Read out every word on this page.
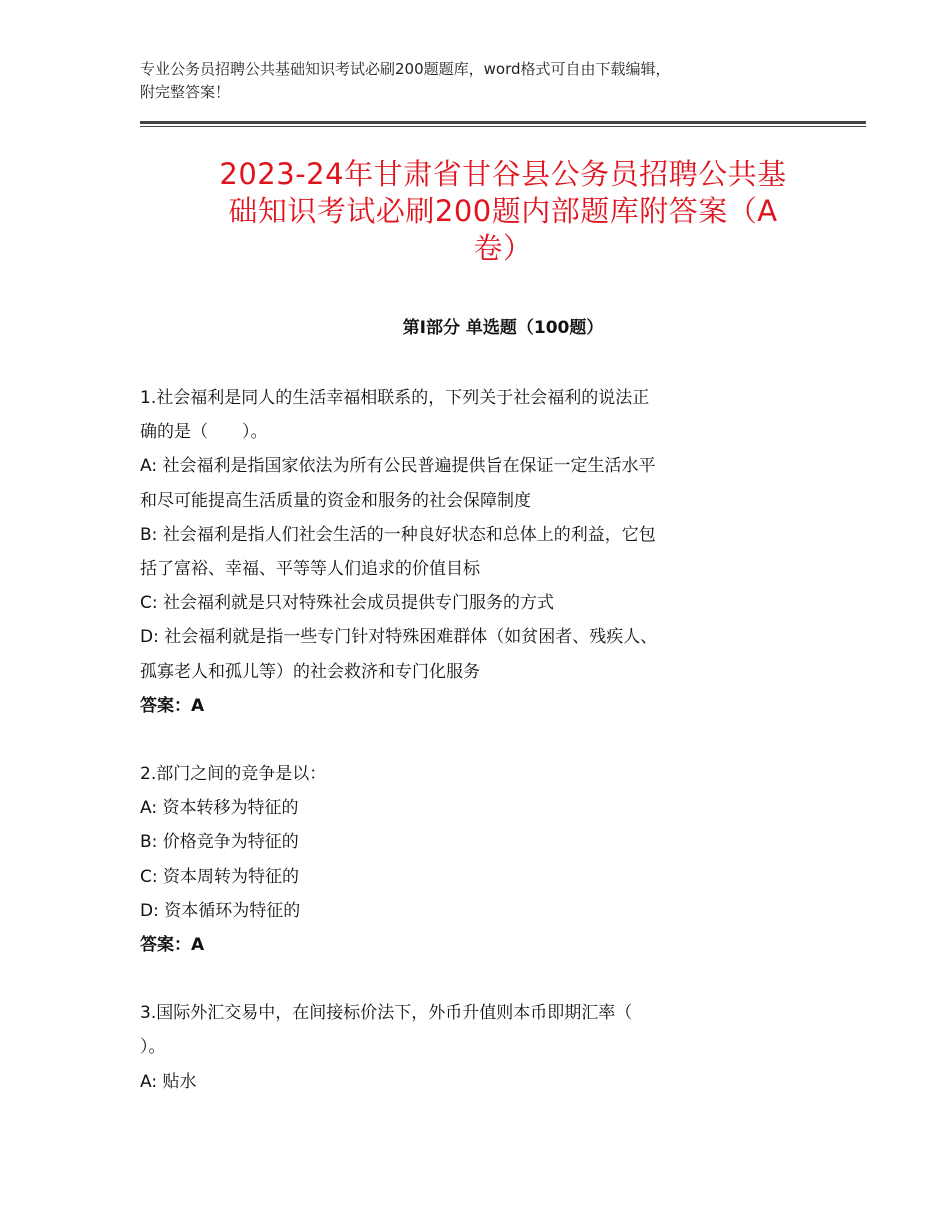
专业公务员招聘公共基础知识考试必刷200题题库，word格式可自由下载编辑，
附完整答案！
2023-24年甘肃省甘谷县公务员招聘公共基
础知识考试必刷200题内部题库附答案（A
卷）
第Ⅰ部分 单选题（100题）
1.社会福利是同人的生活幸福相联系的，下列关于社会福利的说法正
确的是（　　）。
A: 社会福利是指国家依法为所有公民普遍提供旨在保证一定生活水平
和尽可能提高生活质量的资金和服务的社会保障制度
B: 社会福利是指人们社会生活的一种良好状态和总体上的利益，它包
括了富裕、幸福、平等等人们追求的价值目标
C: 社会福利就是只对特殊社会成员提供专门服务的方式
D: 社会福利就是指一些专门针对特殊困难群体（如贫困者、残疾人、
孤寡老人和孤儿等）的社会救济和专门化服务
答案：A
2.部门之间的竞争是以：
A: 资本转移为特征的
B: 价格竞争为特征的
C: 资本周转为特征的
D: 资本循环为特征的
答案：A
3.国际外汇交易中，在间接标价法下，外币升值则本币即期汇率（
）。
A: 贴水
